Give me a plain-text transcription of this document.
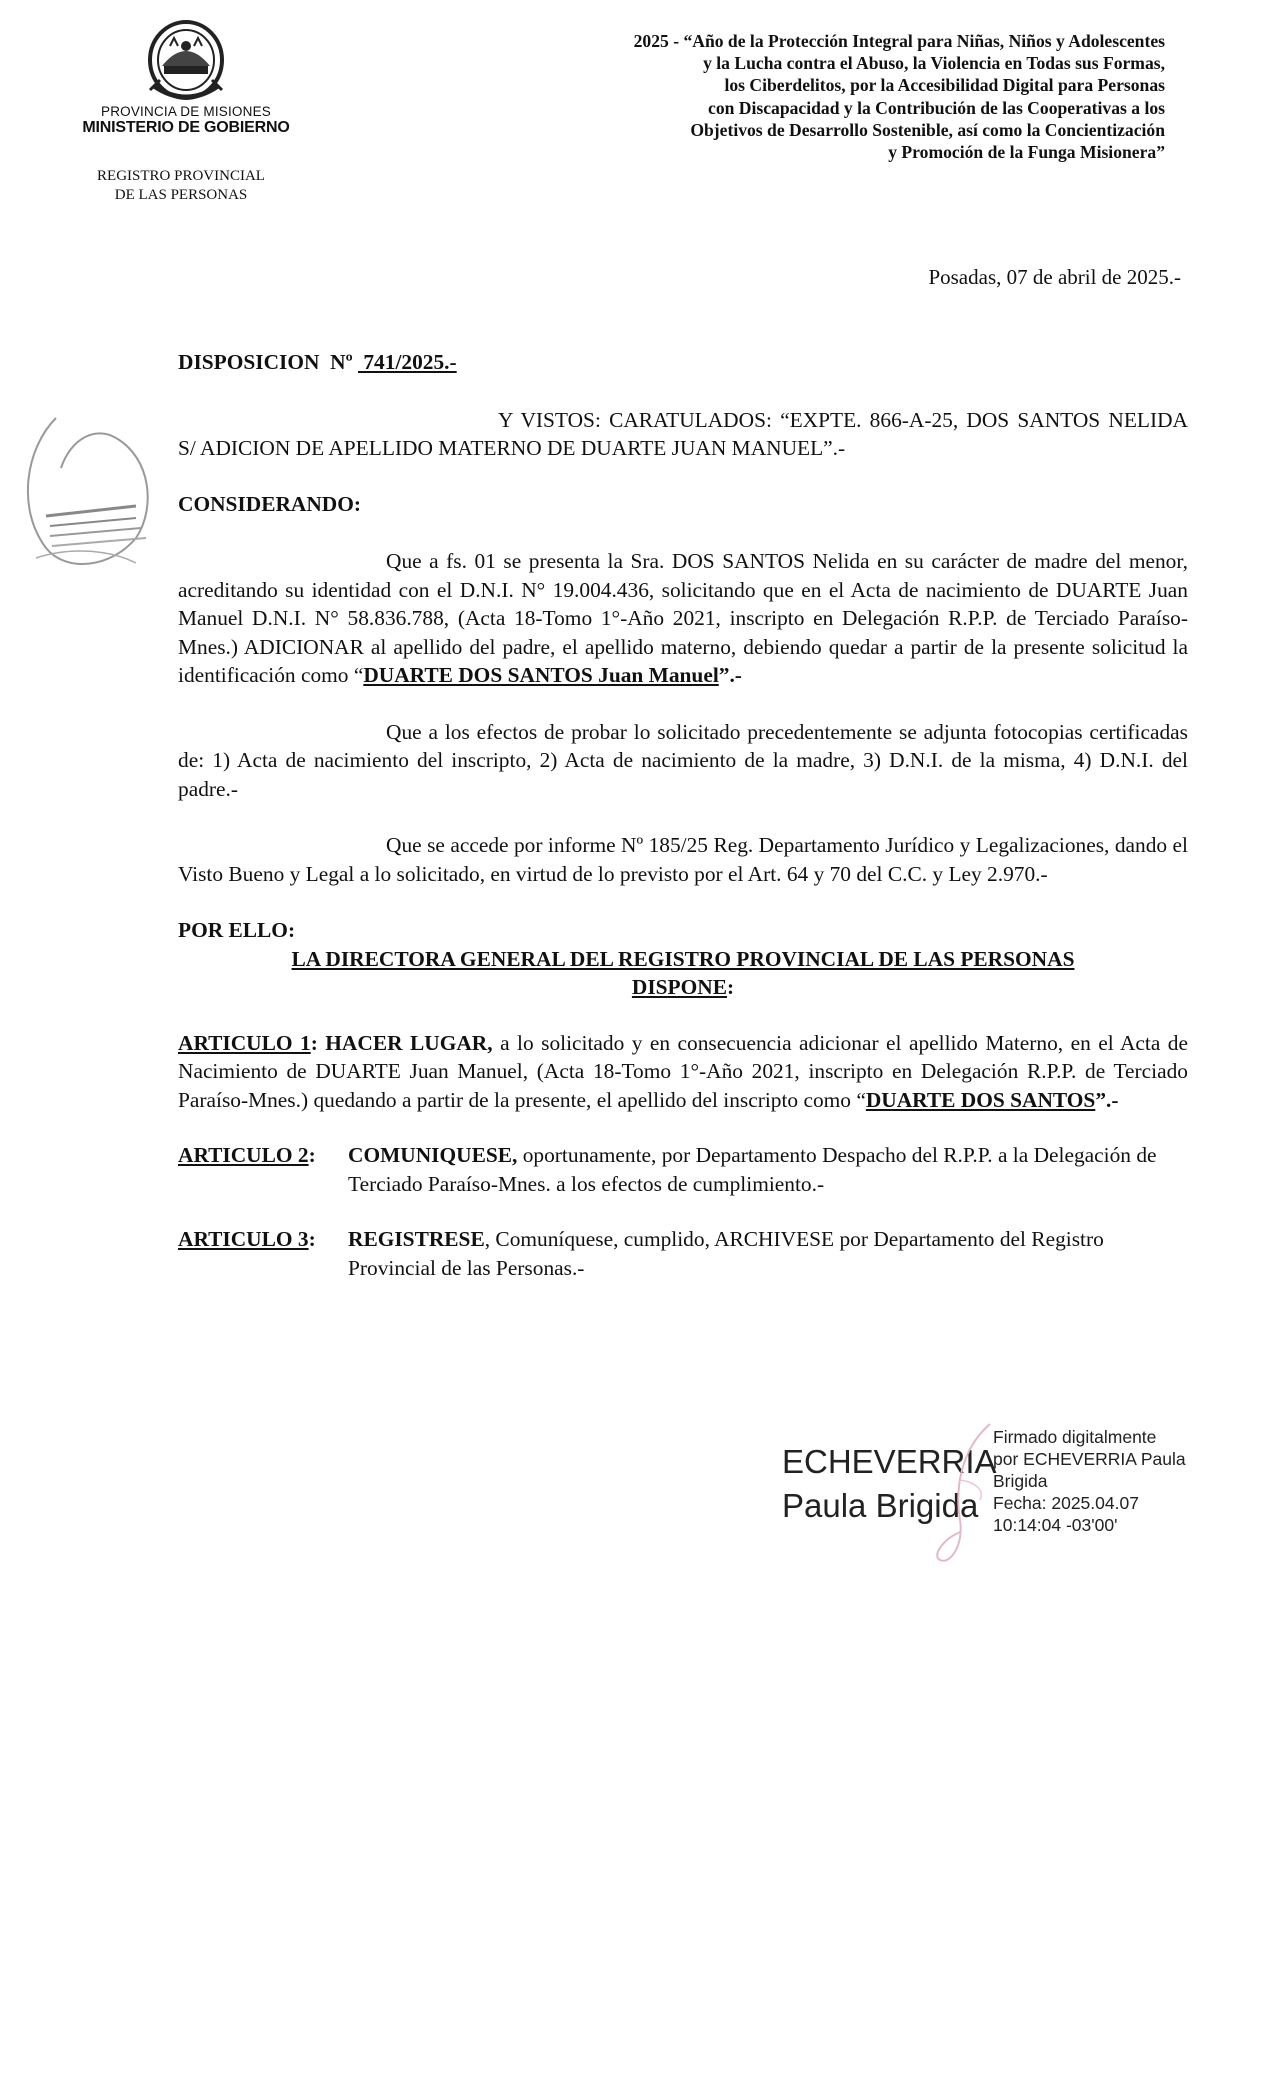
PROVINCIA DE MISIONES
MINISTERIO DE GOBIERNO
REGISTRO PROVINCIAL
DE LAS PERSONAS
2025 - “Año de la Protección Integral para Niñas, Niños y Adolescentes
y la Lucha contra el Abuso, la Violencia en Todas sus Formas,
los Ciberdelitos, por la Accesibilidad Digital para Personas
con Discapacidad y la Contribución de las Cooperativas a los
Objetivos de Desarrollo Sostenible, así como la Concientización
y Promoción de la Funga Misionera”
Posadas, 07 de abril de 2025.-

DISPOSICION  Nº  741/2025.-

Y VISTOS: CARATULADOS: “EXPTE. 866-A-25, DOS SANTOS NELIDA S/ ADICION DE APELLIDO MATERNO DE DUARTE JUAN MANUEL”.-

CONSIDERANDO:

Que a fs. 01 se presenta la Sra. DOS SANTOS Nelida en su carácter de madre del menor, acreditando su identidad con el D.N.I. N° 19.004.436, solicitando que en el Acta de nacimiento de DUARTE Juan Manuel D.N.I. N° 58.836.788, (Acta 18-Tomo 1°-Año 2021, inscripto en Delegación R.P.P. de Terciado Paraíso-Mnes.) ADICIONAR al apellido del padre, el apellido materno, debiendo quedar a partir de la presente solicitud la identificación como “DUARTE DOS SANTOS Juan Manuel”.-

Que a los efectos de probar lo solicitado precedentemente se adjunta fotocopias certificadas de: 1) Acta de nacimiento del inscripto, 2) Acta de nacimiento de la madre, 3) D.N.I. de la misma, 4) D.N.I. del padre.-

Que se accede por informe Nº 185/25 Reg. Departamento Jurídico y Legalizaciones, dando el Visto Bueno y Legal a lo solicitado, en virtud de lo previsto por el Art. 64 y 70 del C.C. y Ley 2.970.-

POR ELLO:

LA DIRECTORA GENERAL DEL REGISTRO PROVINCIAL DE LAS PERSONAS

DISPONE:

ARTICULO 1: HACER LUGAR, a lo solicitado y en consecuencia adicionar el apellido Materno, en el Acta de Nacimiento de DUARTE Juan Manuel, (Acta 18-Tomo 1°-Año 2021, inscripto en Delegación R.P.P. de Terciado Paraíso-Mnes.) quedando a partir de la presente, el apellido del inscripto como “DUARTE DOS SANTOS”.-

ARTICULO 2:	COMUNIQUESE, oportunamente, por Departamento Despacho del R.P.P. a la Delegación de Terciado Paraíso-Mnes. a los efectos de cumplimiento.-
ARTICULO 3:	REGISTRESE, Comuníquese, cumplido, ARCHIVESE por Departamento del Registro Provincial de las Personas.-
ECHEVERRIA
Paula Brigida
Firmado digitalmente
por ECHEVERRIA Paula
Brigida
Fecha: 2025.04.07
10:14:04 -03'00'
